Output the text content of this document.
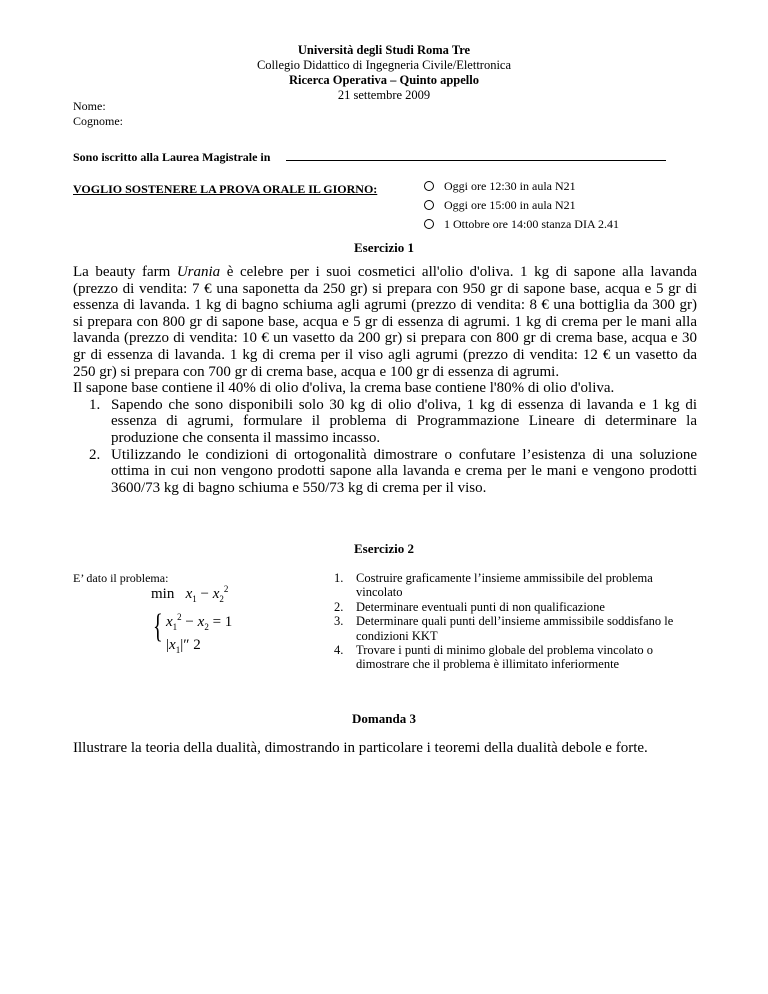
Università degli Studi Roma Tre
Collegio Didattico di Ingegneria Civile/Elettronica
Ricerca Operativa – Quinto appello
21 settembre 2009
Nome:
Cognome:
Sono iscritto alla Laurea Magistrale in
VOGLIO SOSTENERE LA PROVA ORALE IL GIORNO:	Oggi ore 12:30 in aula N21
Oggi ore 15:00 in aula N21
1 Ottobre ore 14:00 stanza DIA 2.41
Esercizio 1
La beauty farm Urania è celebre per i suoi cosmetici all'olio d'oliva. 1 kg di sapone alla lavanda (prezzo di vendita: 7 € una saponetta da 250 gr) si prepara con 950 gr di sapone base, acqua e 5 gr di essenza di lavanda. 1 kg di bagno schiuma agli agrumi (prezzo di vendita: 8 € una bottiglia da 300 gr) si prepara con 800 gr di sapone base, acqua e 5 gr di essenza di agrumi. 1 kg di crema per le mani alla lavanda (prezzo di vendita: 10 € un vasetto da 200 gr) si prepara con 800 gr di crema base, acqua e 30 gr di essenza di lavanda. 1 kg di crema per il viso agli agrumi (prezzo di vendita: 12 € un vasetto da 250 gr) si prepara con 700 gr di crema base, acqua e 100 gr di essenza di agrumi.
Il sapone base contiene il 40% di olio d'oliva, la crema base contiene l'80% di olio d'oliva.
1. Sapendo che sono disponibili solo 30 kg di olio d'oliva, 1 kg di essenza di lavanda e 1 kg di essenza di agrumi, formulare il problema di Programmazione Lineare di determinare la produzione che consenta il massimo incasso.
2. Utilizzando le condizioni di ortogonalità dimostrare o confutare l’esistenza di una soluzione ottima in cui non vengono prodotti sapone alla lavanda e crema per le mani e vengono prodotti 3600/73 kg di bagno schiuma e 550/73 kg di crema per il viso.
Esercizio 2
E’ dato il problema:
$\min x_1 - x_2^2$
{ $x_1^2 - x_2 = 1$
$|x_1|''$ 2
1. Costruire graficamente l’insieme ammissibile del problema vincolato
2. Determinare eventuali punti di non qualificazione
3. Determinare quali punti dell’insieme ammissibile soddisfano le condizioni KKT
4. Trovare i punti di minimo globale del problema vincolato o dimostrare che il problema è illimitato inferiormente
Domanda 3
Illustrare la teoria della dualità, dimostrando in particolare i teoremi della dualità debole e forte.
